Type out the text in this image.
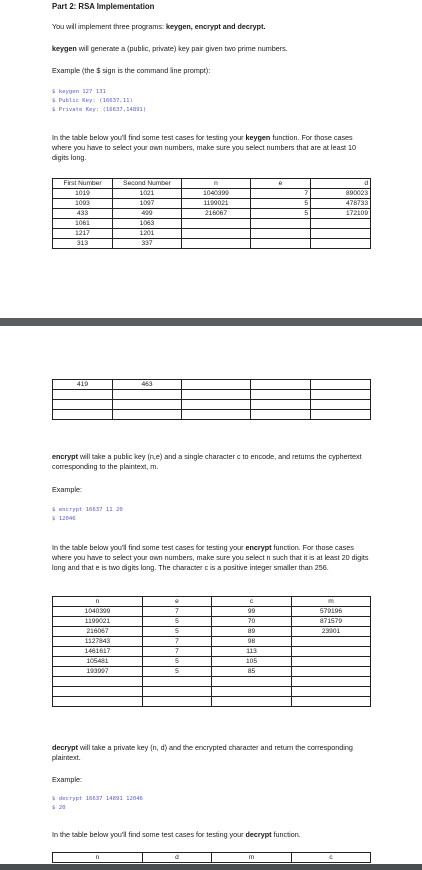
Part 2: RSA Implementation
You will implement three programs: keygen, encrypt and decrypt.
keygen will generate a (public, private) key pair given two prime numbers.
Example (the $ sign is the command line prompt):
$ keygen 127 131
$ Public Key: (16637,11)
$ Private Key: (16637,14891)
In the table below you'll find some test cases for testing your keygen function. For those cases where you have to select your own numbers, make sure you select numbers that are at least 10 digits long.
First Number	Second Number	n	e	d
1019	1021	1040399	7	890023
1093	1097	1199021	5	478733
433	499	216067	5	172109
1061	1063			
1217	1201			
313	337			
419	463			

encrypt will take a public key (n,e) and a single character c to encode, and returns the cyphertext corresponding to the plaintext, m.
Example:
$ encrypt 16637 11 20
$ 12046
In the table below you'll find some test cases for testing your encrypt function. For those cases where you have to select your own numbers, make sure you select n such that it is at least 20 digits long and that e is two digits long. The character c is a positive integer smaller than 256.
n	e	c	m
1040399	7	99	579196
1199021	5	70	871579
216067	5	89	23901
1127843	7	98	
1461617	7	113	
105481	5	105	
193997	5	85	

decrypt will take a private key (n, d) and the encrypted character and return the corresponding plaintext.
Example:
$ decrypt 16637 14891 12046
$ 20
In the table below you'll find some test cases for testing your decrypt function.
n	d	m	c
